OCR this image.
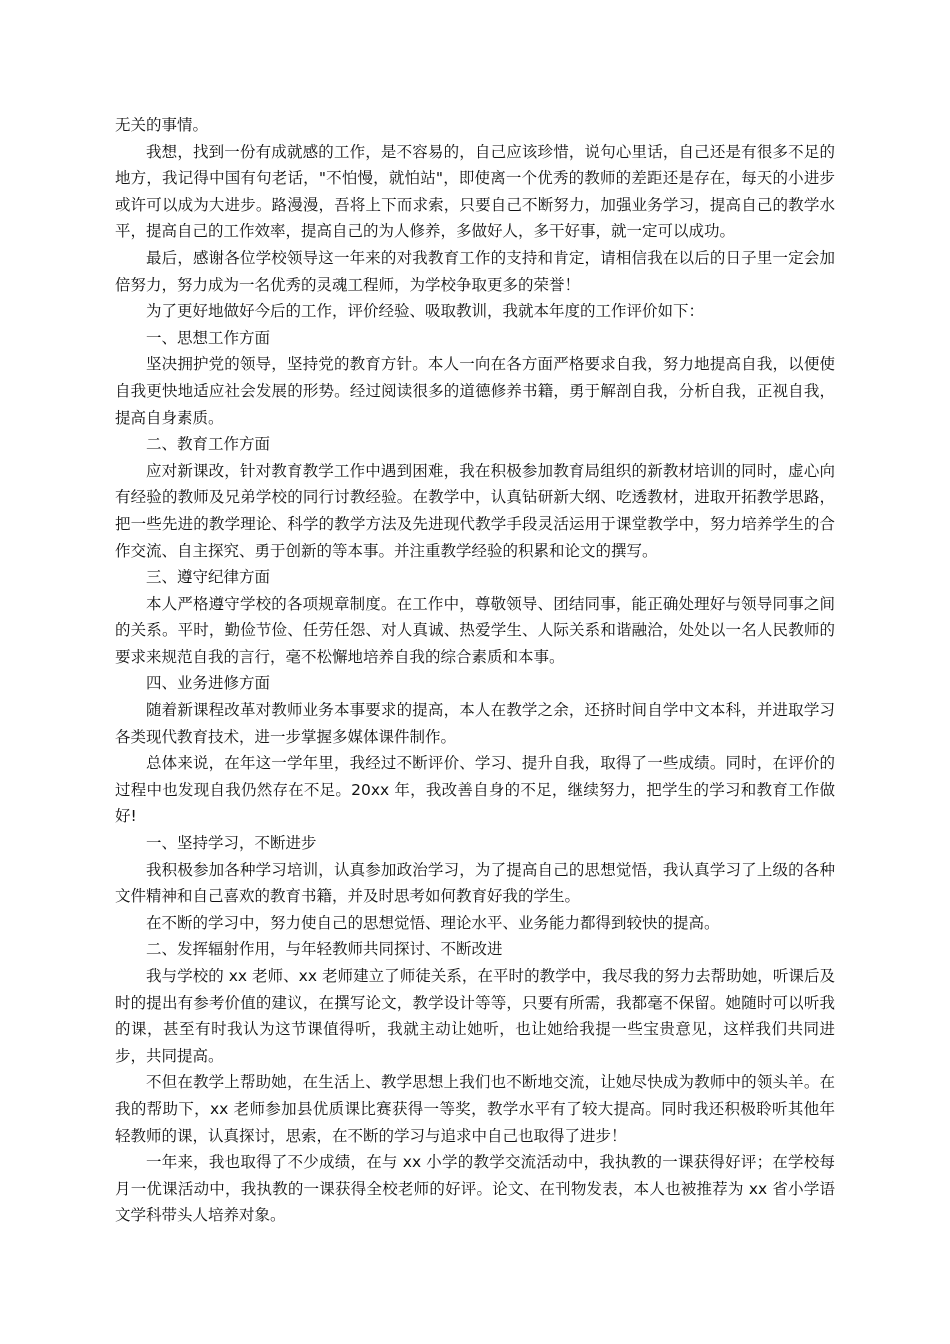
无关的事情。

我想，找到一份有成就感的工作，是不容易的，自己应该珍惜，说句心里话，自己还是有很多不足的地方，我记得中国有句老话，"不怕慢，就怕站"，即使离一个优秀的教师的差距还是存在，每天的小进步或许可以成为大进步。路漫漫，吾将上下而求索，只要自己不断努力，加强业务学习，提高自己的教学水平，提高自己的工作效率，提高自己的为人修养，多做好人，多干好事，就一定可以成功。

最后，感谢各位学校领导这一年来的对我教育工作的支持和肯定，请相信我在以后的日子里一定会加倍努力，努力成为一名优秀的灵魂工程师，为学校争取更多的荣誉！

为了更好地做好今后的工作，评价经验、吸取教训，我就本年度的工作评价如下：

一、思想工作方面

坚决拥护党的领导，坚持党的教育方针。本人一向在各方面严格要求自我，努力地提高自我，以便使自我更快地适应社会发展的形势。经过阅读很多的道德修养书籍，勇于解剖自我，分析自我，正视自我，提高自身素质。

二、教育工作方面

应对新课改，针对教育教学工作中遇到困难，我在积极参加教育局组织的新教材培训的同时，虚心向有经验的教师及兄弟学校的同行讨教经验。在教学中，认真钻研新大纲、吃透教材，进取开拓教学思路，把一些先进的教学理论、科学的教学方法及先进现代教学手段灵活运用于课堂教学中，努力培养学生的合作交流、自主探究、勇于创新的等本事。并注重教学经验的积累和论文的撰写。

三、遵守纪律方面

本人严格遵守学校的各项规章制度。在工作中，尊敬领导、团结同事，能正确处理好与领导同事之间的关系。平时，勤俭节俭、任劳任怨、对人真诚、热爱学生、人际关系和谐融洽，处处以一名人民教师的要求来规范自我的言行，毫不松懈地培养自我的综合素质和本事。

四、业务进修方面

随着新课程改革对教师业务本事要求的提高，本人在教学之余，还挤时间自学中文本科，并进取学习各类现代教育技术，进一步掌握多媒体课件制作。

总体来说，在年这一学年里，我经过不断评价、学习、提升自我，取得了一些成绩。同时，在评价的过程中也发现自我仍然存在不足。20xx 年，我改善自身的不足，继续努力，把学生的学习和教育工作做好!

一、坚持学习，不断进步

我积极参加各种学习培训，认真参加政治学习，为了提高自己的思想觉悟，我认真学习了上级的各种文件精神和自己喜欢的教育书籍，并及时思考如何教育好我的学生。

在不断的学习中，努力使自己的思想觉悟、理论水平、业务能力都得到较快的提高。

二、发挥辐射作用，与年轻教师共同探讨、不断改进

我与学校的 xx 老师、xx 老师建立了师徒关系，在平时的教学中，我尽我的努力去帮助她，听课后及时的提出有参考价值的建议，在撰写论文，教学设计等等，只要有所需，我都毫不保留。她随时可以听我的课，甚至有时我认为这节课值得听，我就主动让她听，也让她给我提一些宝贵意见，这样我们共同进步，共同提高。

不但在教学上帮助她，在生活上、教学思想上我们也不断地交流，让她尽快成为教师中的领头羊。在我的帮助下，xx 老师参加县优质课比赛获得一等奖，教学水平有了较大提高。同时我还积极聆听其他年轻教师的课，认真探讨，思索，在不断的学习与追求中自己也取得了进步！

一年来，我也取得了不少成绩，在与 xx 小学的教学交流活动中，我执教的一课获得好评；在学校每月一优课活动中，我执教的一课获得全校老师的好评。论文、在刊物发表，本人也被推荐为 xx 省小学语文学科带头人培养对象。
